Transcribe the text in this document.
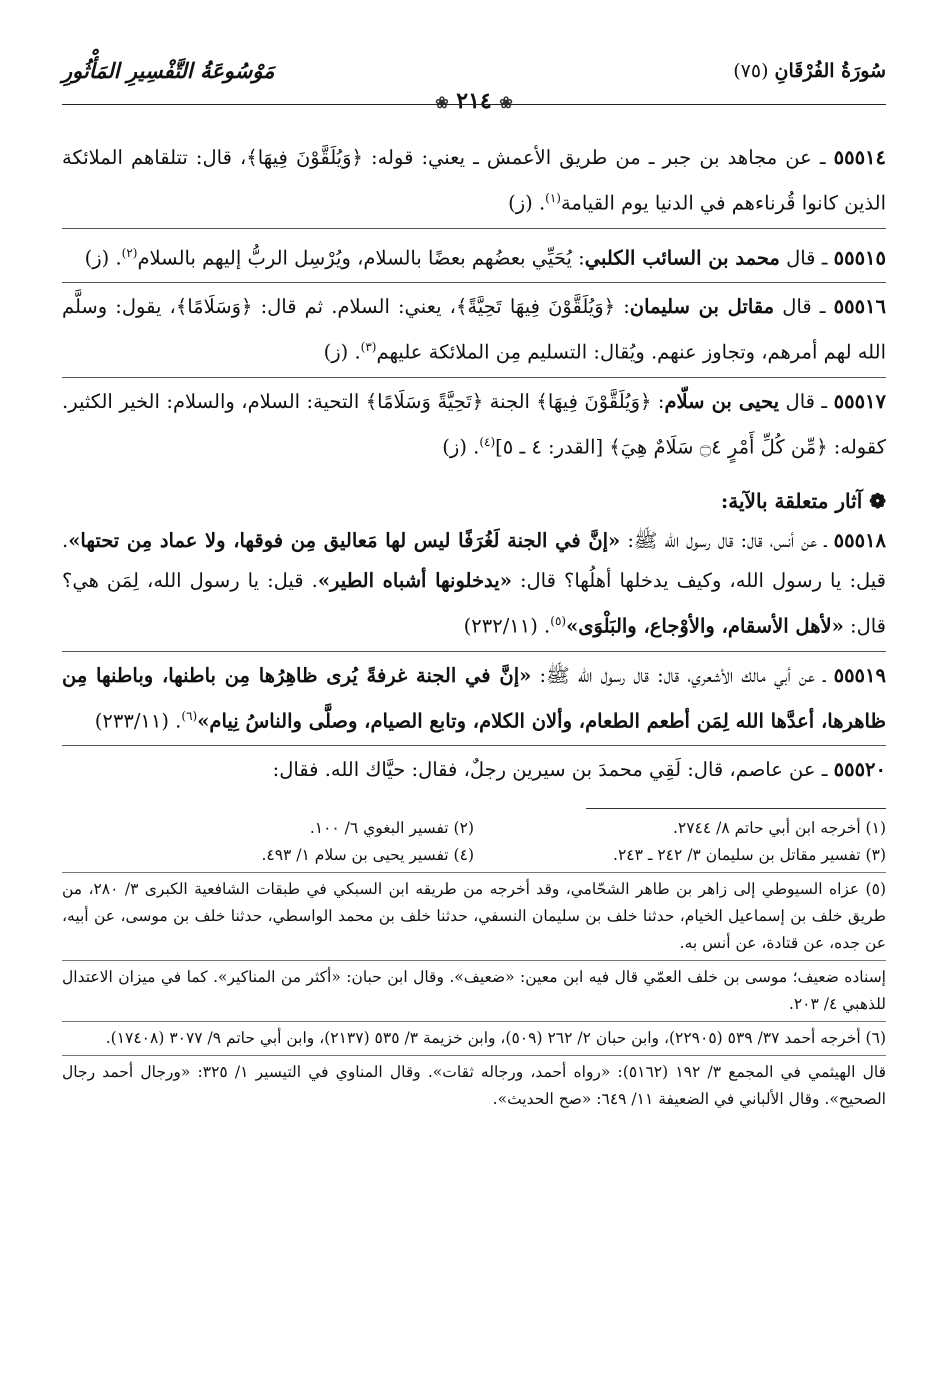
سُورَةُ الفُرْقَانِ (٧٥)
مَوْسُوعَةُ التَّفْسِيرِ المَأْثُورِ
❀ ٢١٤ ❀

٥٥٥١٤ ـ عن مجاهد بن جبر ـ من طريق الأعمش ـ يعني: قوله: ﴿وَيُلَقَّوْنَ فِيهَا﴾، قال: تتلقاهم الملائكة الذين كانوا قُرناءهم في الدنيا يوم القيامة$^{(١)}$. (ز)

٥٥٥١٥ ـ قال محمد بن السائب الكلبي: يُحَيِّي بعضُهم بعضًا بالسلام، ويُرْسِل الربُّ إليهم بالسلام$^{(٢)}$. (ز)

٥٥٥١٦ ـ قال مقاتل بن سليمان: ﴿وَيُلَقَّوْنَ فِيهَا تَحِيَّةً﴾، يعني: السلام. ثم قال: ﴿وَسَلَامًا﴾، يقول: وسلَّم الله لهم أمرهم، وتجاوز عنهم. ويُقال: التسليم مِن الملائكة عليهم$^{(٣)}$. (ز)

٥٥٥١٧ ـ قال يحيى بن سلّام: ﴿وَيُلَقَّوْنَ فِيهَا﴾ الجنة ﴿تَحِيَّةً وَسَلَامًا﴾ التحية: السلام، والسلام: الخير الكثير. كقوله: ﴿مِّن كُلِّ أَمْرٍ ۝٤ سَلَامٌ هِيَ﴾ [القدر: ٤ ـ ٥]$^{(٤)}$. (ز)

❁ آثار متعلقة بالآية:

٥٥٥١٨ ـ عن أنس، قال: قال رسول الله ﷺ: «إنَّ في الجنة لَغُرَفًا ليس لها مَعاليق مِن فوقها، ولا عماد مِن تحتها». قيل: يا رسول الله، وكيف يدخلها أهلُها؟ قال: «يدخلونها أشباه الطير». قيل: يا رسول الله، لِمَن هي؟ قال: «لأهل الأسقام، والأوْجاع، والبَلْوَى»$^{(٥)}$. (٢٣٢/١١)

٥٥٥١٩ ـ عن أبي مالك الأشعري، قال: قال رسول الله ﷺ: «إنَّ في الجنة غرفةً يُرى ظاهِرُها مِن باطنها، وباطنها مِن ظاهرها، أعدَّها الله لِمَن أطعم الطعام، وألان الكلام، وتابع الصيام، وصلَّى والناسُ نِيام»$^{(٦)}$. (٢٣٣/١١)

٥٥٥٢٠ ـ عن عاصم، قال: لَقِي محمدَ بن سيرين رجلٌ، فقال: حيَّاك الله. فقال:

(١) أخرجه ابن أبي حاتم ٨/ ٢٧٤٤.
(٢) تفسير البغوي ٦/ ١٠٠.
(٣) تفسير مقاتل بن سليمان ٣/ ٢٤٢ ـ ٢٤٣.
(٤) تفسير يحيى بن سلام ١/ ٤٩٣.

(٥) عزاه السيوطي إلى زاهر بن طاهر الشحّامي، وقد أخرجه من طريقه ابن السبكي في طبقات الشافعية الكبرى ٣/ ٢٨٠، من طريق خلف بن إسماعيل الخيام، حدثنا خلف بن سليمان النسفي، حدثنا خلف بن محمد الواسطي، حدثنا خلف بن موسى، عن أبيه، عن جده، عن قتادة، عن أنس به.

إسناده ضعيف؛ موسى بن خلف العمّي قال فيه ابن معين: «ضعيف». وقال ابن حبان: «أكثر من المناكير». كما في ميزان الاعتدال للذهبي ٤/ ٢٠٣.

(٦) أخرجه أحمد ٣٧/ ٥٣٩ (٢٢٩٠٥)، وابن حبان ٢/ ٢٦٢ (٥٠٩)، وابن خزيمة ٣/ ٥٣٥ (٢١٣٧)، وابن أبي حاتم ٩/ ٣٠٧٧ (١٧٤٠٨).

قال الهيثمي في المجمع ٣/ ١٩٢ (٥١٦٢): «رواه أحمد، ورجاله ثقات». وقال المناوي في التيسير ١/ ٣٢٥: «ورجال أحمد رجال الصحيح». وقال الألباني في الضعيفة ١١/ ٦٤٩: «صح الحديث».
